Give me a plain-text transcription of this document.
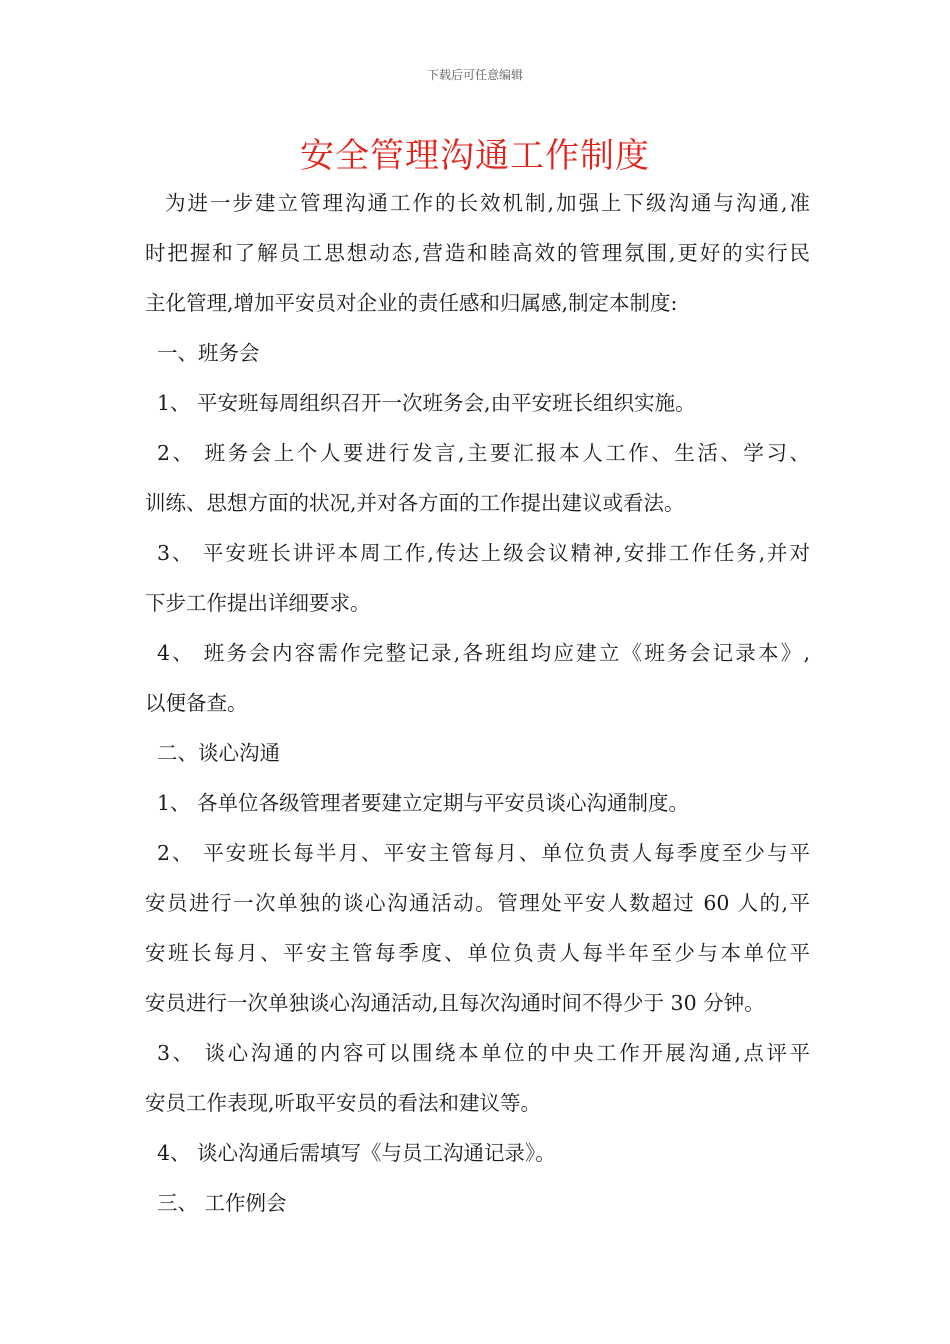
下载后可任意编辑
安全管理沟通工作制度
为进一步建立管理沟通工作的长效机制,加强上下级沟通与沟通,准
时把握和了解员工思想动态,营造和睦高效的管理氛围,更好的实行民
主化管理,增加平安员对企业的责任感和归属感,制定本制度:
一、班务会
1、 平安班每周组织召开一次班务会,由平安班长组织实施。
2、 班务会上个人要进行发言,主要汇报本人工作、生活、学习、
训练、思想方面的状况,并对各方面的工作提出建议或看法。
3、 平安班长讲评本周工作,传达上级会议精神,安排工作任务,并对
下步工作提出详细要求。
4、 班务会内容需作完整记录,各班组均应建立《班务会记录本》,
以便备查。
二、谈心沟通
1、 各单位各级管理者要建立定期与平安员谈心沟通制度。
2、 平安班长每半月、平安主管每月、单位负责人每季度至少与平
安员进行一次单独的谈心沟通活动。管理处平安人数超过 60 人的,平
安班长每月、平安主管每季度、单位负责人每半年至少与本单位平
安员进行一次单独谈心沟通活动,且每次沟通时间不得少于 30 分钟。
3、 谈心沟通的内容可以围绕本单位的中央工作开展沟通,点评平
安员工作表现,听取平安员的看法和建议等。
4、 谈心沟通后需填写《与员工沟通记录》。
三、 工作例会
